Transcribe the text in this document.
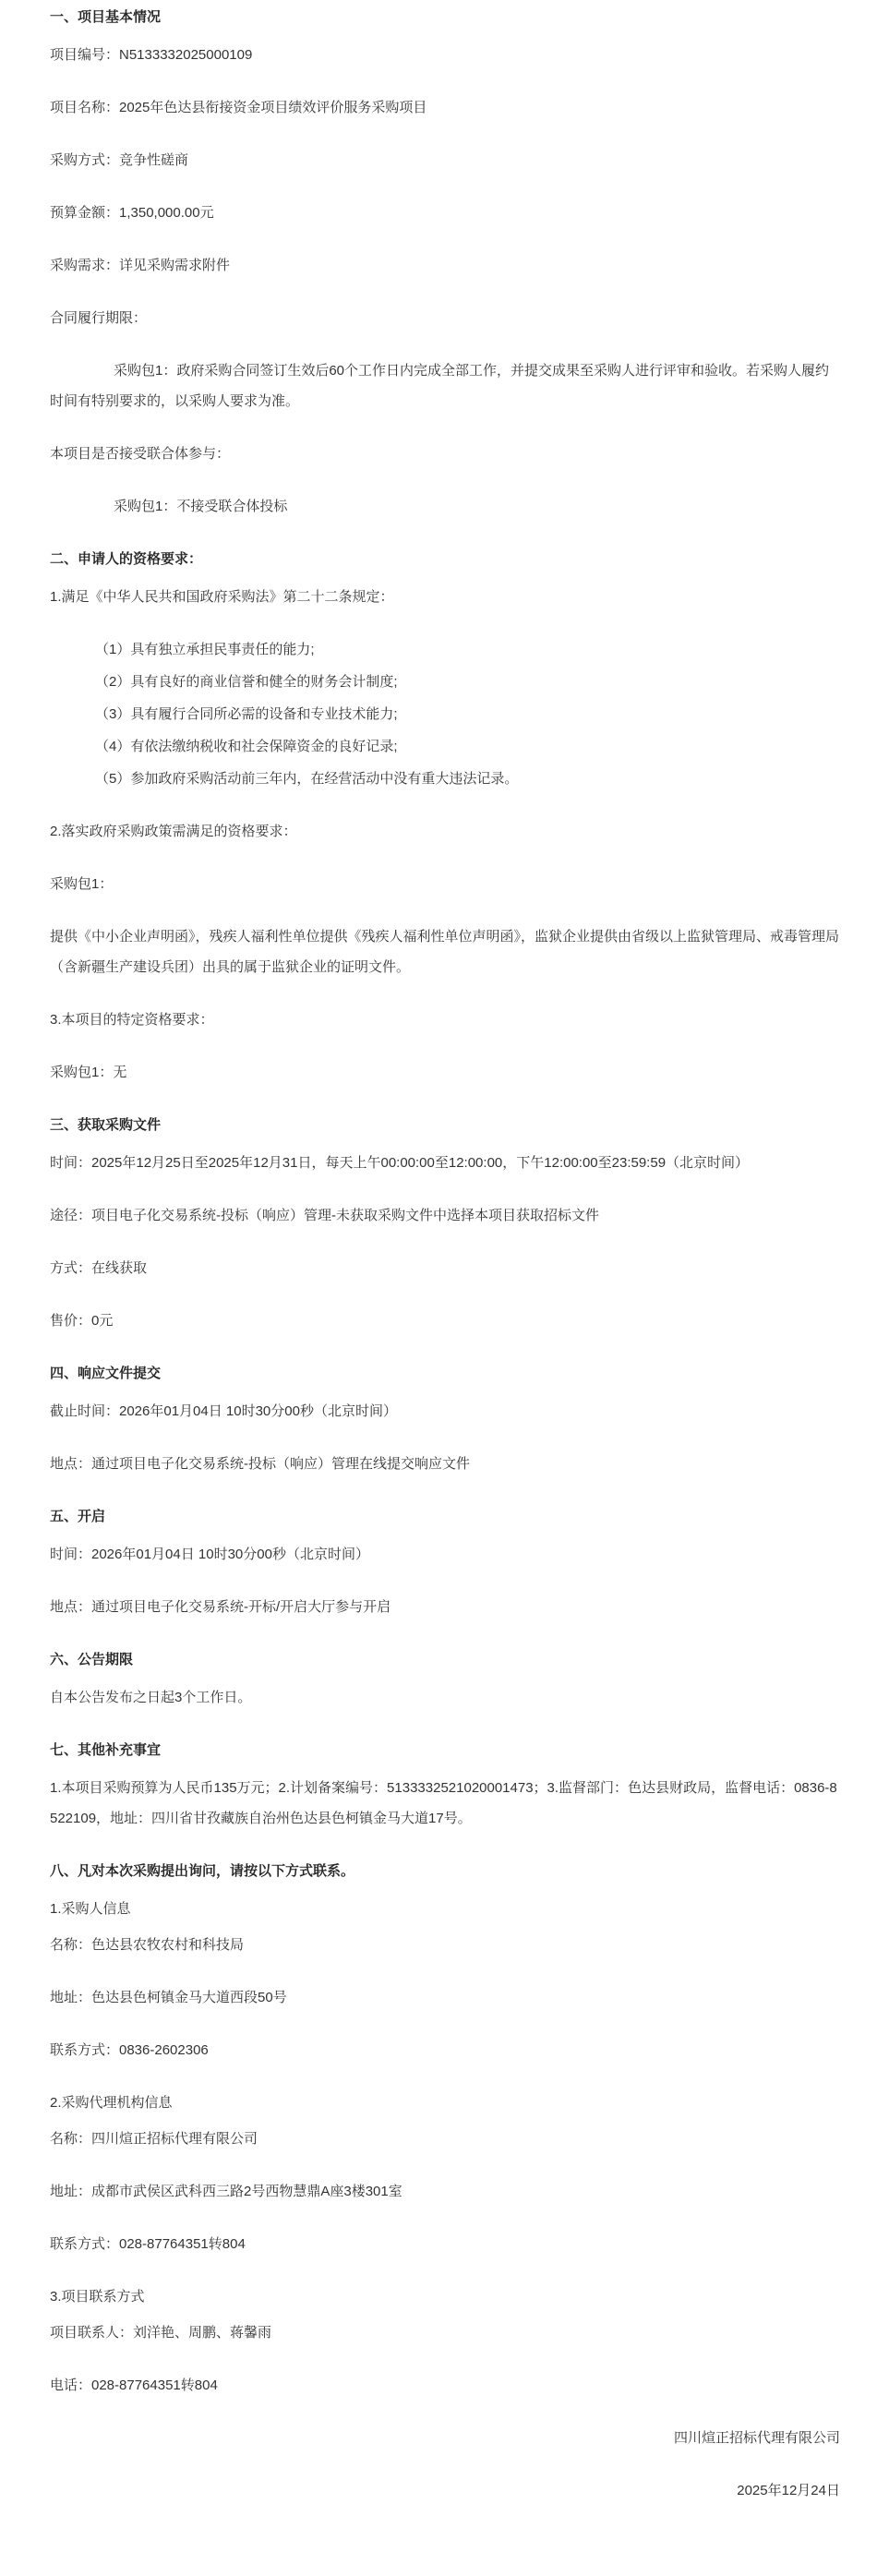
一、项目基本情况

项目编号：N5133332025000109

项目名称：2025年色达县衔接资金项目绩效评价服务采购项目

采购方式：竞争性磋商

预算金额：1,350,000.00元

采购需求：详见采购需求附件

合同履行期限：

采购包1：政府采购合同签订生效后60个工作日内完成全部工作，并提交成果至采购人进行评审和验收。若采购人履约时间有特别要求的，以采购人要求为准。

本项目是否接受联合体参与：

采购包1：不接受联合体投标

二、申请人的资格要求：

1.满足《中华人民共和国政府采购法》第二十二条规定：

（1）具有独立承担民事责任的能力;

（2）具有良好的商业信誉和健全的财务会计制度;

（3）具有履行合同所必需的设备和专业技术能力;

（4）有依法缴纳税收和社会保障资金的良好记录;

（5）参加政府采购活动前三年内，在经营活动中没有重大违法记录。

2.落实政府采购政策需满足的资格要求：

采购包1：

提供《中小企业声明函》，残疾人福利性单位提供《残疾人福利性单位声明函》，监狱企业提供由省级以上监狱管理局、戒毒管理局（含新疆生产建设兵团）出具的属于监狱企业的证明文件。

3.本项目的特定资格要求：

采购包1：无

三、获取采购文件

时间：2025年12月25日至2025年12月31日，每天上午00:00:00至12:00:00，下午12:00:00至23:59:59（北京时间）

途径：项目电子化交易系统-投标（响应）管理-未获取采购文件中选择本项目获取招标文件

方式：在线获取

售价：0元

四、响应文件提交

截止时间：2026年01月04日 10时30分00秒（北京时间）

地点：通过项目电子化交易系统-投标（响应）管理在线提交响应文件

五、开启

时间：2026年01月04日 10时30分00秒（北京时间）

地点：通过项目电子化交易系统-开标/开启大厅参与开启

六、公告期限

自本公告发布之日起3个工作日。

七、其他补充事宜

1.本项目采购预算为人民币135万元；2.计划备案编号：5133332521020001473；3.监督部门：色达县财政局，监督电话：0836-8522109，地址：四川省甘孜藏族自治州色达县色柯镇金马大道17号。

八、凡对本次采购提出询问，请按以下方式联系。

1.采购人信息

名称：色达县农牧农村和科技局

地址：色达县色柯镇金马大道西段50号

联系方式：0836-2602306

2.采购代理机构信息

名称：四川煊正招标代理有限公司

地址：成都市武侯区武科西三路2号西物慧鼎A座3楼301室

联系方式：028-87764351转804

3.项目联系方式

项目联系人：刘洋艳、周鹏、蒋馨雨

电话：028-87764351转804

四川煊正招标代理有限公司

2025年12月24日
